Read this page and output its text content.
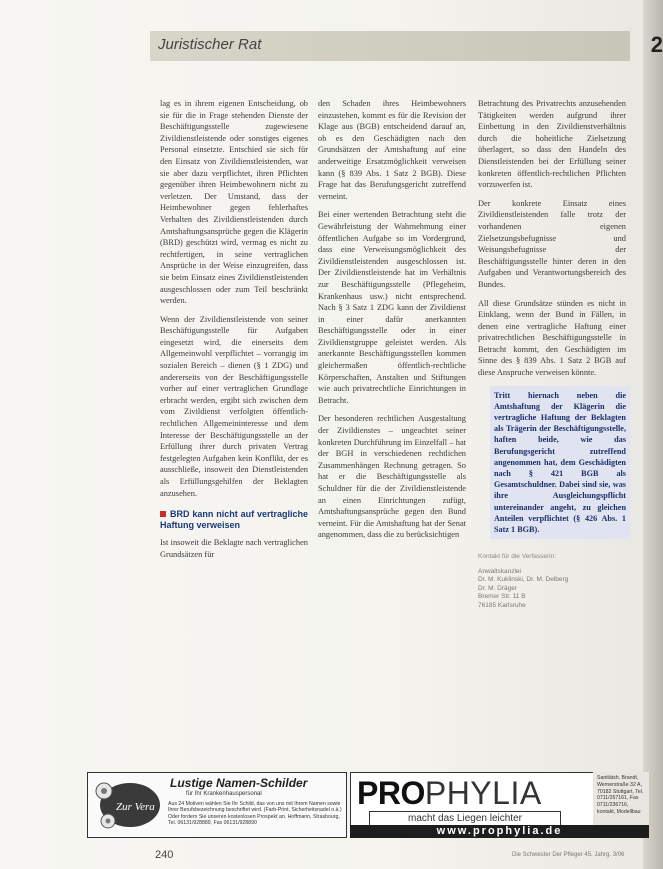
2
Juristischer Rat

lag es in ihrem eigenen Entscheidung, ob sie für die in Frage stehenden Dienste der Beschäftigungsstelle zugewiesene Zivildienstleistende oder sonstiges eigenes Personal einsetzte. Entschied sie sich für den Einsatz von Zivildienstleistenden, war sie aber dazu verpflichtet, ihren Pflichten gegenüber ihren Heimbewohnern nicht zu verletzen. Der Umstand, dass der Heimbewohner gegen fehlerhaftes Verhalten des Zivildienstleistenden durch Amtshaftungsansprüche gegen die Klägerin (BRD) geschützt wird, vermag es nicht zu rechtfertigen, in seine vertraglichen Ansprüche in der Weise einzugreifen, dass sie beim Einsatz eines Zivildienstleistenden ausgeschlossen oder zum Teil beschränkt werden.

Wenn der Zivildienstleistende von seiner Beschäftigungsstelle für Aufgaben eingesetzt wird, die einerseits dem Allgemeinwohl verpflichtet – vorrangig im sozialen Bereich – dienen (§ 1 ZDG) und andererseits von der Beschäftigungsstelle vorher auf einer vertraglichen Grundlage erbracht werden, ergibt sich zwischen dem vom Zivildienst verfolgten öffentlich-rechtlichen Allgemeininteresse und dem Interesse der Beschäftigungsstelle an der Erfüllung ihrer durch privaten Vertrag festgelegten Aufgaben kein Konflikt, der es ausschließe, insoweit den Dienstleistenden als Erfüllungsgehilfen der Beklagten anzusehen.

BRD kann nicht auf vertragliche Haftung verweisen

Ist insoweit die Beklagte nach vertraglichen Grundsätzen für

den Schaden ihres Heimbewohners einzustehen, kommt es für die Revision der Klage aus (BGB) entscheidend darauf an, ob es den Geschädigten nach den Grundsätzen der Amtshaftung auf eine anderweitige Ersatzmöglichkeit verweisen kann (§ 839 Abs. 1 Satz 2 BGB). Diese Frage hat das Berufungsgericht zutreffend verneint.

Bei einer wertenden Betrachtung steht die Gewährleistung der Wahrnehmung einer öffentlichen Aufgabe so im Vordergrund, dass eine Verweisungsmöglichkeit des Zivildienstleistenden ausgeschlossen ist. Der Zivildienstleistende hat im Verhältnis zur Beschäftigungsstelle (Pflegeheim, Krankenhaus usw.) nicht entsprechend. Nach § 3 Satz 1 ZDG kann der Zivildienst in einer dafür anerkannten Beschäftigungsstelle oder in einer Zivildienstgruppe geleistet werden. Als anerkannte Beschäftigungsstellen kommen gleichermaßen öffentlich-rechtliche Körperschaften, Anstalten und Stiftungen wie auch privatrechtliche Einrichtungen in Betracht.

Der besonderen rechtlichen Ausgestaltung der Zivildienstes – ungeachtet seiner konkreten Durchführung im Einzelfall – hat der BGH in verschiedenen rechtlichen Zusammenhängen Rechnung getragen. So hat er die Beschäftigungsstelle als Schuldner für die der Zivildienstleistende an einen Einrichtungen zufügt, Amtshaftungsansprüche gegen den Bund verneint. Für die Amtshaftung hat der Senat angenommen, dass die zu berücksichtigen

Betrachtung des Privatrechts anzusehenden Tätigkeiten werden aufgrund ihrer Einbettung in den Zivildienstverhältnis durch die hoheitliche Zielsetzung überlagert, so dass den Handeln des Dienstleistenden bei der Erfüllung seiner konkreten öffentlich-rechtlichen Pflichten vorzuwerfen ist.

Der konkrete Einsatz eines Zivildienstleistenden falle trotz der vorhandenen eigenen Zielsetzungsbefugnisse und Weisungsbefugnisse der Beschäftigungsstelle hinter deren in den Aufgaben und Verantwortungsbereich des Bundes.

All diese Grundsätze stünden es nicht in Einklang, wenn der Bund in Fällen, in denen eine vertragliche Haftung einer privatrechtlichen Beschäftigungsstelle in Betracht kommt, den Geschädigten im Sinne des § 839 Abs. 1 Satz 2 BGB auf diese Anspruche verweisen könnte.

Tritt hiernach neben die Amtshaftung der Klägerin die vertragliche Haftung der Beklagten als Trägerin der Beschäftigungsstelle, haften beide, wie das Berufungsgericht zutreffend angenommen hat, dem Geschädigten nach § 421 BGB als Gesamtschuldner. Dabei sind sie, was ihre Ausgleichungspflicht untereinander angeht, zu gleichen Anteilen verpflichtet (§ 426 Abs. 1 Satz 1 BGB).
Kontakt für die Verfasserin:
Anwaltskanzlei
Dr. M. Kuklinski, Dr. M. Delberg
Dr. M. Dräger
Bremer Str. 11 B
76185 Karlsruhe
Zur Vera
Lustige Namen-Schilder
für Ihr Krankenhauspersonal
Aus 24 Motiven wählen Sie Ihr Schild, das von uns mit Ihrem Namen sowie Ihrer Berufsbezeichnung beschriftet wird. (Farb-Print, Sicherheitsnadel o.ä.) Oder fordern Sie unseren kostenlosen Prospekt an. Hoffmann, Strasbourg, Tel. 06131/928889, Fax 06131/928890
PROPHYLIA
macht das Liegen leichter
Sanitätsh. Brandt, Wernerstraße 32 A, 70182 Stuttgart, Tel. 0711/267161, Fax 0711/236716, kontakt, Modellbau
www.prophylia.de
240	Die Schwester Der Pfleger 45. Jahrg. 3/06
